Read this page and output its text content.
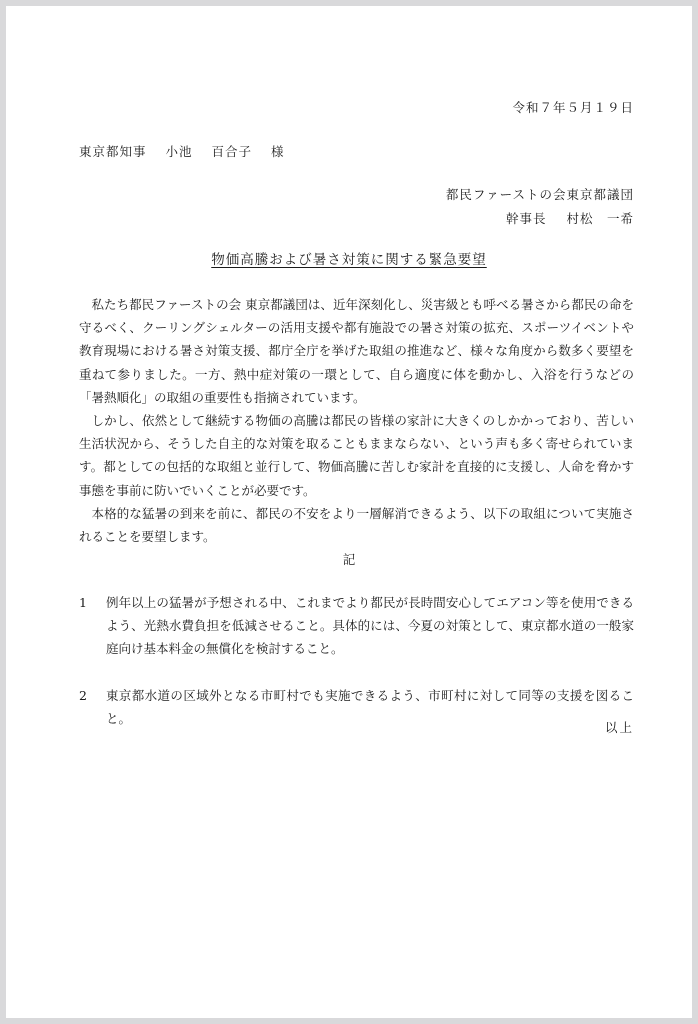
令和７年５月１９日
東京都知事 小池 百合子 様
都民ファーストの会東京都議団
幹事長 村松　一希
物価高騰および暑さ対策に関する緊急要望

私たち都民ファーストの会 東京都議団は、近年深刻化し、災害級とも呼べる暑さから都民の命を守るべく、クーリングシェルターの活用支援や都有施設での暑さ対策の拡充、スポーツイベントや教育現場における暑さ対策支援、都庁全庁を挙げた取組の推進など、様々な角度から数多く要望を重ねて参りました。一方、熱中症対策の一環として、自ら適度に体を動かし、入浴を行うなどの「暑熱順化」の取組の重要性も指摘されています。

しかし、依然として継続する物価の高騰は都民の皆様の家計に大きくのしかかっており、苦しい生活状況から、そうした自主的な対策を取ることもままならない、という声も多く寄せられています。都としての包括的な取組と並行して、物価高騰に苦しむ家計を直接的に支援し、人命を脅かす事態を事前に防いでいくことが必要です。

本格的な猛暑の到来を前に、都民の不安をより一層解消できるよう、以下の取組について実施されることを要望します。

記
1	例年以上の猛暑が予想される中、これまでより都民が長時間安心してエアコン等を使用できるよう、光熱水費負担を低減させること。具体的には、今夏の対策として、東京都水道の一般家庭向け基本料金の無償化を検討すること。
2	東京都水道の区域外となる市町村でも実施できるよう、市町村に対して同等の支援を図ること。
以上
